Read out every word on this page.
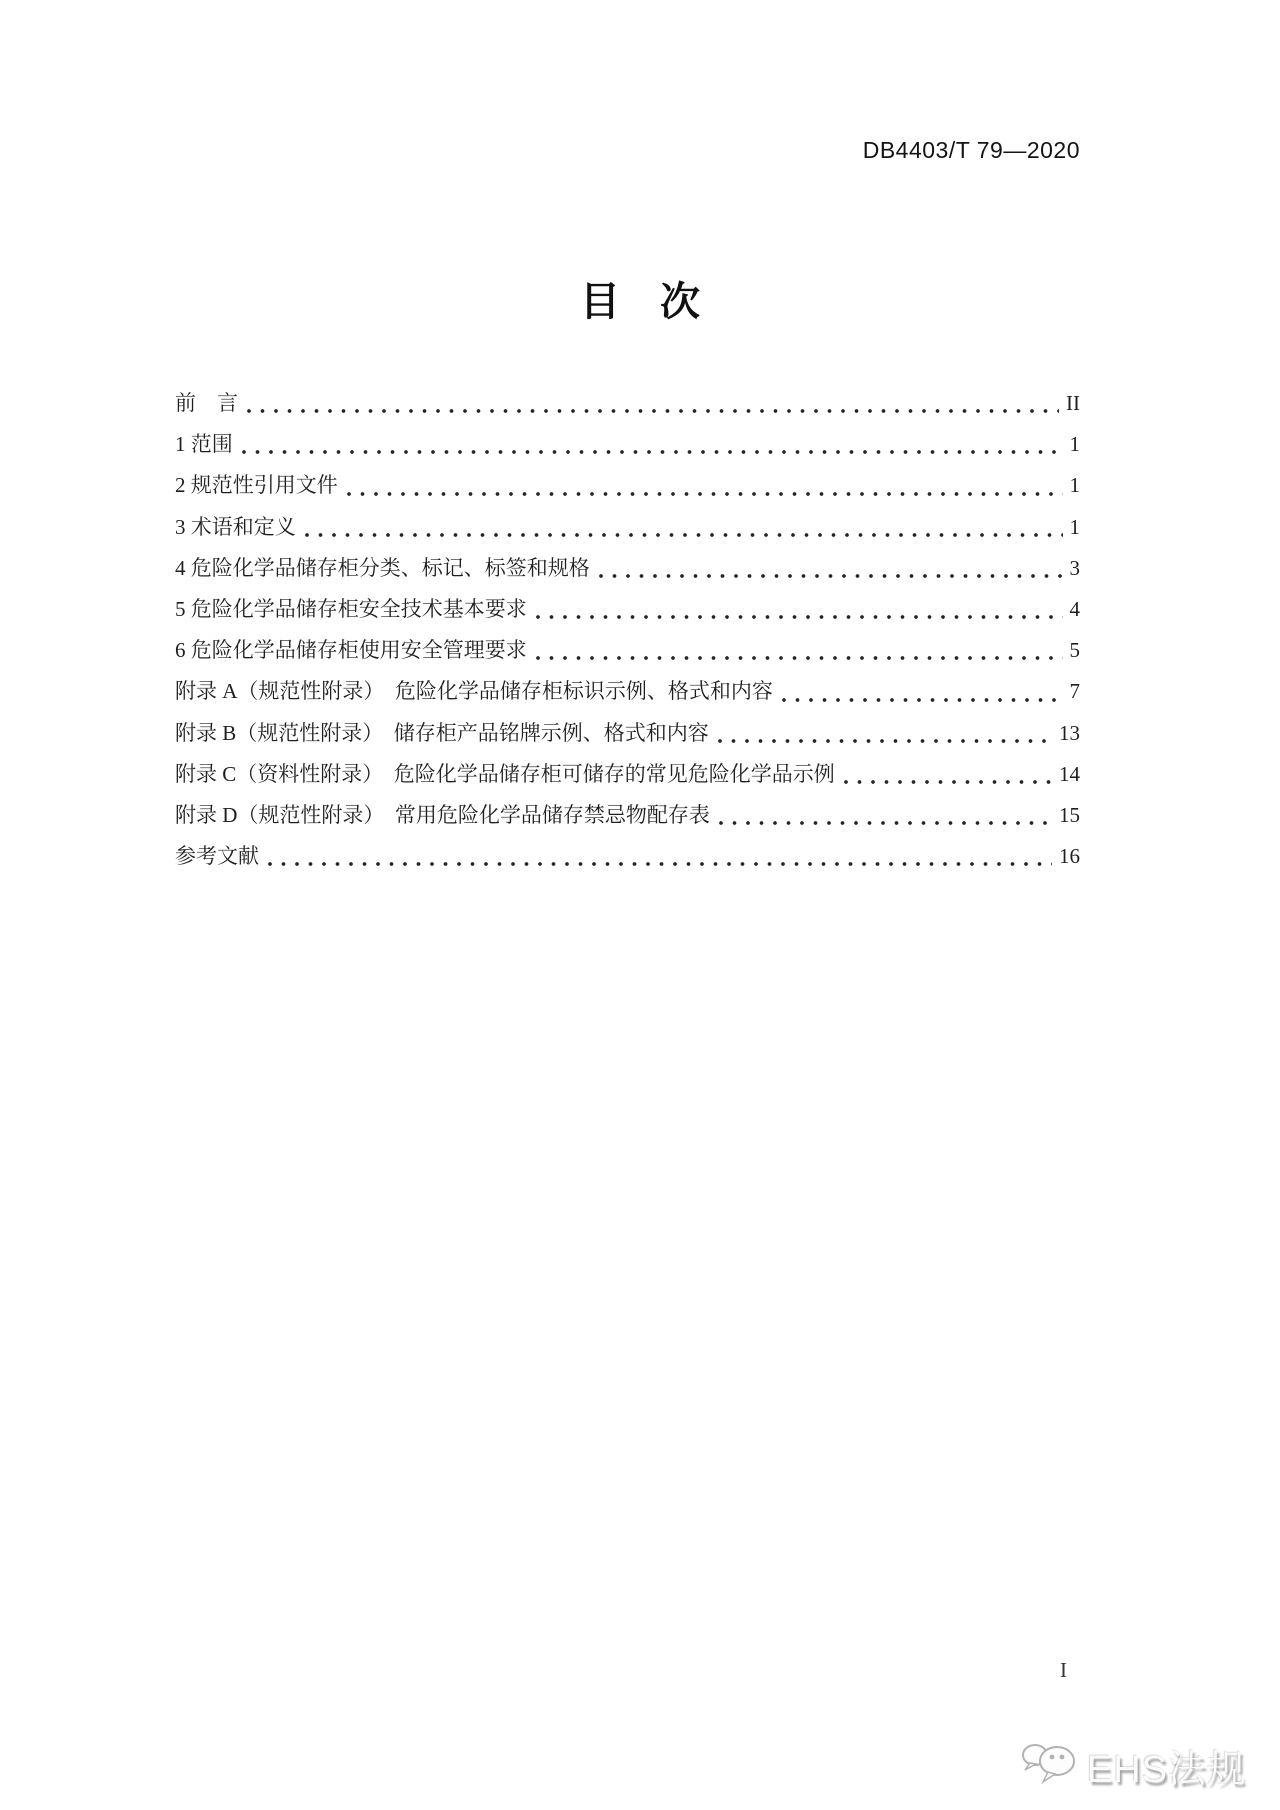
DB4403/T 79—2020
目　次
前　言	II
1 范围	1
2 规范性引用文件	1
3 术语和定义	1
4 危险化学品储存柜分类、标记、标签和规格	3
5 危险化学品储存柜安全技术基本要求	4
6 危险化学品储存柜使用安全管理要求	5
附录 A（规范性附录）　危险化学品储存柜标识示例、格式和内容	7
附录 B（规范性附录）　储存柜产品铭牌示例、格式和内容	13
附录 C（资料性附录）　危险化学品储存柜可储存的常见危险化学品示例	14
附录 D（规范性附录）　常用危险化学品储存禁忌物配存表	15
参考文献	16
I
EHS法规
